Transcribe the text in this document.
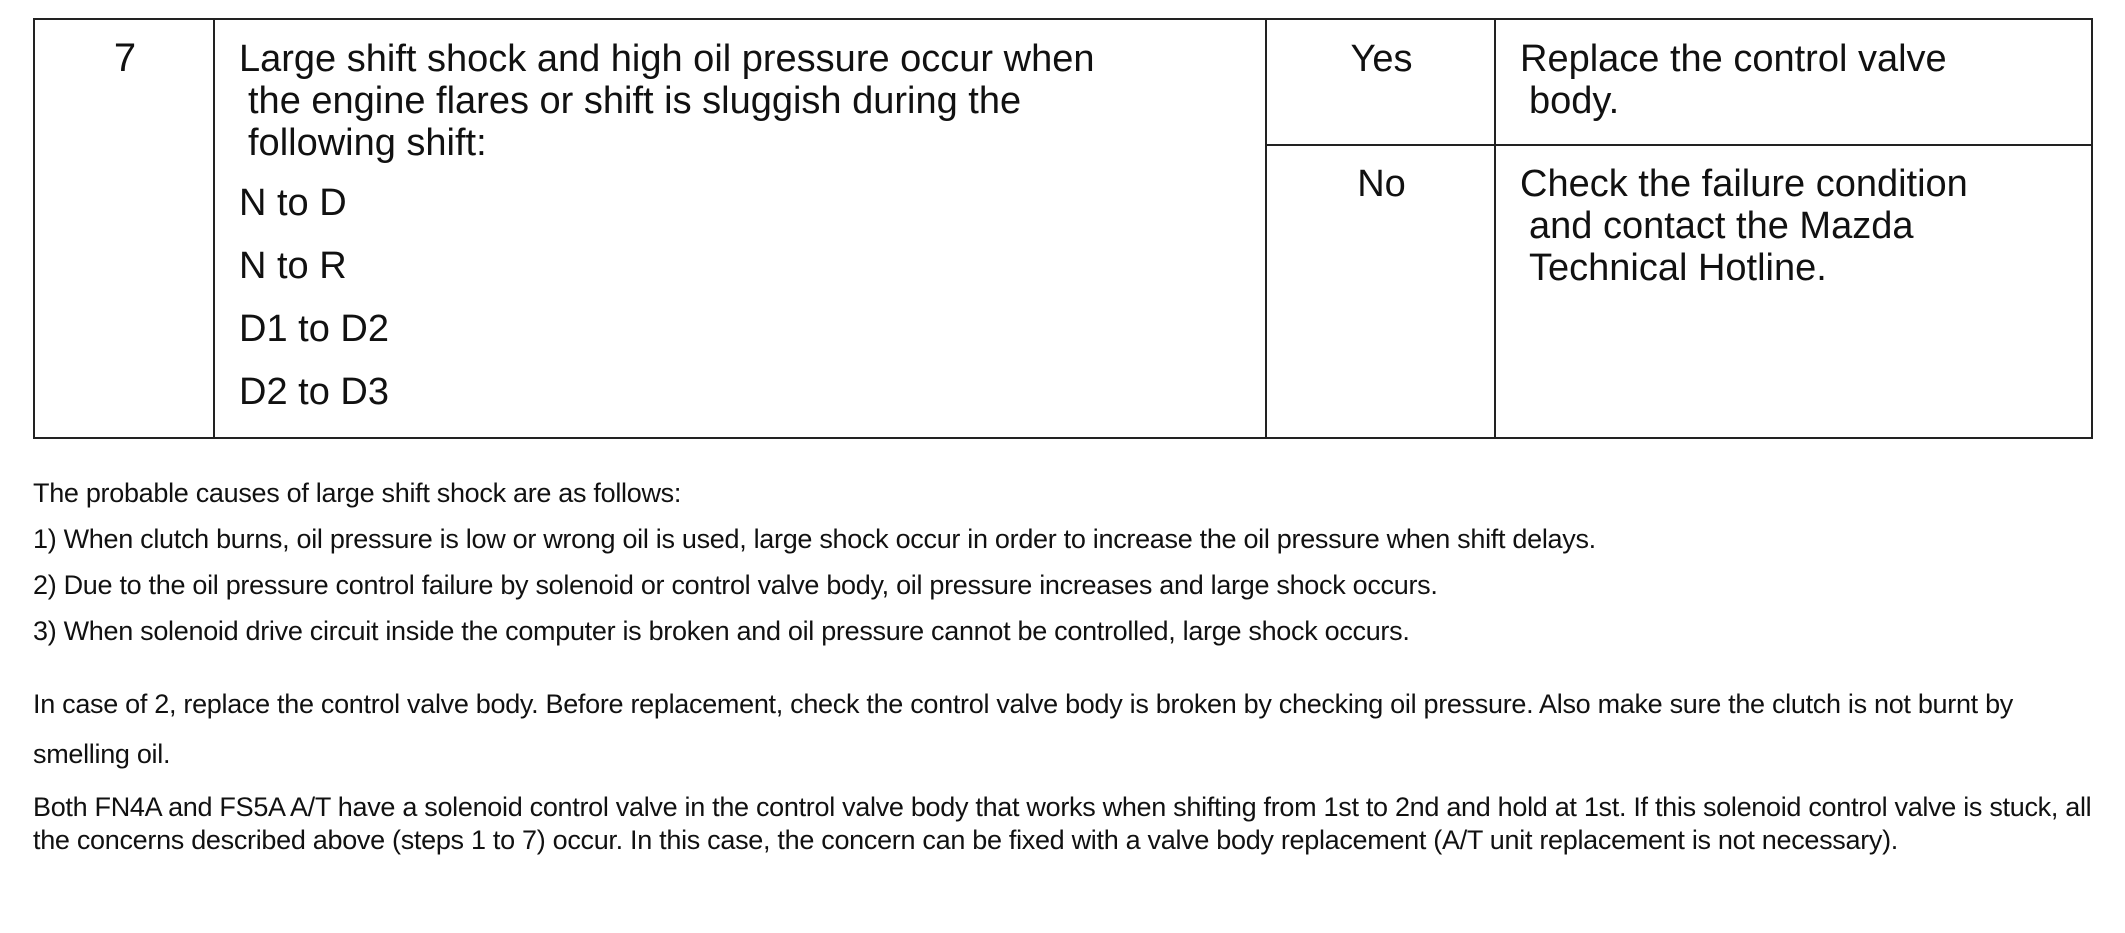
7	Large shift shock and high oil pressure occur when
the engine flares or shift is sluggish during the
following shift:
N to D
N to R
D1 to D2
D2 to D3
Yes
No
Replace the control valve
body.
Check the failure condition
and contact the Mazda
Technical Hotline.
The probable causes of large shift shock are as follows:
1) When clutch burns, oil pressure is low or wrong oil is used, large shock occur in order to increase the oil pressure when shift delays.
2) Due to the oil pressure control failure by solenoid or control valve body, oil pressure increases and large shock occurs.
3) When solenoid drive circuit inside the computer is broken and oil pressure cannot be controlled, large shock occurs.
In case of 2, replace the control valve body. Before replacement, check the control valve body is broken by checking oil pressure. Also make sure the clutch is not burnt by smelling oil.
Both FN4A and FS5A A/T have a solenoid control valve in the control valve body that works when shifting from 1st to 2nd and hold at 1st. If this solenoid control valve is stuck, all the concerns described above (steps 1 to 7) occur. In this case, the concern can be fixed with a valve body replacement (A/T unit replacement is not necessary).
